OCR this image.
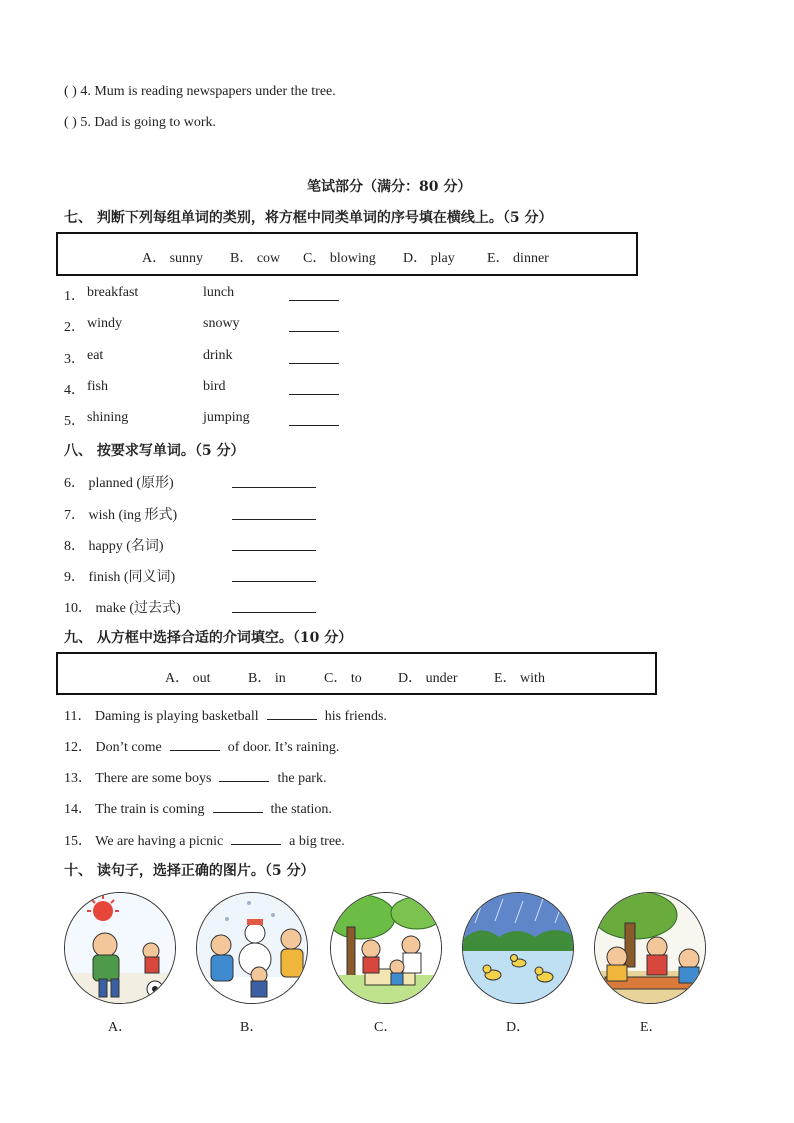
( ) 4. Mum is reading newspapers under the tree.
( ) 5. Dad is going to work.
笔试部分（满分：80 分）
七、 判断下列每组单词的类别，将方框中同类单词的序号填在横线上。（5 分）
A． sunny B． cow C． blowing D． play E． dinner
1． breakfast	lunch
2． windy	snowy
3． eat	drink
4． fish	bird
5． shining	jumping
八、 按要求写单词。（5 分）
6． planned (原形)
7． wish (ing 形式)
8． happy (名词)
9． finish (同义词)
10． make (过去式)
九、 从方框中选择合适的介词填空。（10 分）
A． out	B． in	C． to	D． under	E． with
11． Daming is playing basketball	his friends.
12． Don’t come	of door. It’s raining.
13． There are some boys	the park.
14． The train is coming	the station.
15． We are having a picnic	a big tree.
十、 读句子，选择正确的图片。（5 分）
A．	B．	C．	D．	E．
